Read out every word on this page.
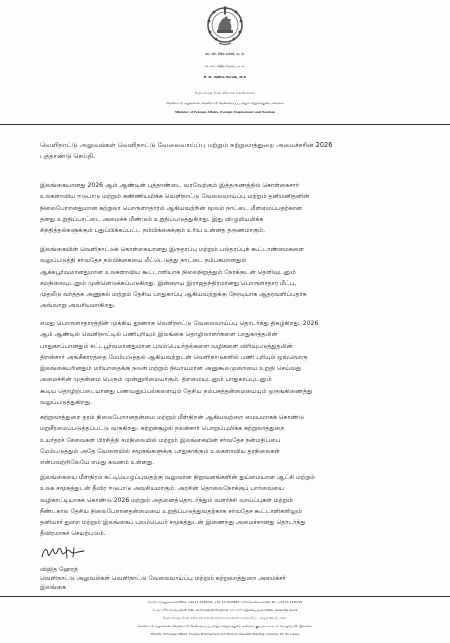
එච්. එම්. විජිත හේරත්, පා. ම.
எச். எம். விஜித ஹேரத், பா. உ.
H. M. Vijitha Herath, M.P.
විදේශ කටයුතු, විදේශ රැකියා සහ සංචාරක අමාත්‍ය
வெளிநாட்டு அலுவல்கள், வெளிநாட்டு வேலைவாய்ப்பு மற்றும் சுற்றுலாத்துறை அமைச்சர்
Minister of Foreign Affairs, Foreign Employment and Tourism
வெளிநாட்டு அலுவல்கள் வெளிநாட்டு வேலைவாய்ப்பு மற்றும் சுற்றுலாத்துறை அமைச்சரின் 2026
புத்தாண்டு செய்தி.
இலங்கையானது 2026 ஆம் ஆண்டின் புத்தாண்டை வரவேற்கும் இத்தருணத்தில் கொள்கைசார்
உலகளாவிய ஈடுபாடு மற்றும் கண்ணியமிக்க வெளிநாட்டு வேலைவாய்ப்பு மற்றும் தனிமனிதனின்
நிலைபேறானதுமான சுற்றுலா பொருளாதாரம் ஆகியவற்றின் மூலம் நாட்டை மீளமைப்பதற்கான
தனது உறுதிப்பாட்டை அமைச்சு மீண்டும் உறுதிப்படுத்துகிறது. இது விழுமியமிக்க
சிந்தித்தல்களுக்கும் புதுப்பிக்கப்பட்ட நம்பிக்கைக்கும் உரிய உன்னத தருணமாகும்.
இலங்கையின் வெளிநாட்டுக் கொள்கையானது இருதரப்பு மற்றும் பல்தரப்புக் கூட்டாண்மைகளை
வலுப்படுத்தி சர்வதேச நம்பிக்கையை மீட்டெடுத்து நாட்டை நம்பகமானதும்
ஆக்கபூர்வமானதுமான உலகளாவிய கூட்டாளியாக நிலைநிறுத்தும் நோக்குடன் தெளிவுடனும்
சமநிலையுடனும் முன்னெடுக்கப்படுகிறது. இன்றைய இராஜதந்திரமானது பொருளாதார மீட்பு,
முதலீடு வர்த்தக அணுகல் மற்றும் தேசிய பாதுகாப்பு ஆகியவற்றுக்கு நேரடியாக ஆதரவளிப்பதாக
அவ்வாறு அவசியமாகிறது.
எமது பொருளாதாரத்தின் முக்கிய தூணாக வெளிநாட்டு வேலைவாய்ப்பு தொடர்ந்து திகழ்கிறது. 2026
ஆம் ஆண்டில் வெளிநாட்டில் பணிபுரியும் இலங்கை தொழிலாளர்களை பாதுகாத்தலின்
பாதுகாப்பானதும் சட்டபூர்வமானதுமான புலம்பெயர்தல்களை வழிகளை விரிவுபடுத்துதலின்
திறன்சார் அங்கீகாரத்தை மேம்படுத்தல் ஆகியவற்றுடன் வெளிநாடுகளில் பணி புரியும் ஒவ்வொரு
இலங்கையரினதும் மரியாதைக்கு நலன் மற்றும் நியாயமான அனுகூலமுறையை உறுதி செய்வது
அமைச்சின் முதன்மை பெரும் முன்னுரிமையாகும். திறமையுடனும் பாதுகாப்புடனும்
கூடிய தொழிற்படையானது பணவனுப்பல்களையும் தேசிய நம்பகத்தன்மையையும் ஒருங்கிணைத்து
வலுப்படுத்துகிறது.
சுற்றுலாத்துறை தரம் நிலைபேறானதன்மை மற்றும் மீள்நிறன் ஆகியவற்றை மையமாகக் கொண்டு
மறுசீரமைப்படுத்தப்பட்டு வருகிறது. சுற்றுச்சூழல் நலன்சார் பொறுப்புமிக்க சுற்றுலாத்துறை
உயர்தரச் சேவைகள் பிரசித்தி சமநிலையில் மற்றும் இலங்கையின் சர்வதேச நன்மதிப்பை
மேம்படுத்தும் அதே வேளையில் சமூகங்களுக்கு பாதுகாக்கும் உலகளாவிய தரநிலைகள்
என்பவற்றிலேயே எமது கவனம் உள்ளது.
இலங்கையை மீளநிரம் கட்டியெழுப்புவதற்கு வலுவான நிறுவனங்களின் துய்மையான ஆட்சி மற்றும்
உலக சமூகத்துடன் தீவிர ஈடுபாடு அவசியமாகும். அரசின் தொலைநோக்குப் பார்வையை
வழிகாட்டியாகக் கொண்டு 2026 மற்றும் அதனைத்தொடர்ந்தும் வளர்ச்சி வாய்ப்புகள் மற்றும்
நீண்டகால தேசிய நிலைபேறானதன்மையை உறுதிப்படுத்துவதற்காக சர்வதேச கூட்டாளிகளிலும்
தனியார் துறை மற்றும் இலங்கைப் புலம்பெயர் சமூகத்துடன் இணைந்து அமைச்சானது தொடர்ந்து
தீவிரமாகச் செயற்படும்.
விஜித ஹேரத்
வெளிநாட்டு அலுவல்கள் வெளிநாட்டு வேலைவாய்ப்பு மற்றும் சுற்றுலாத்துறை அமைச்சர்
இலங்கை
කාර්යාලය/அலுவலகம்/Office: +94-11-2430221, +94-11-2445498 ෆැක්ස්/தொலைநகல்/Fax No: +94-11-2430222
ඊ-මේල් ලිපිනය/ஈமெயில்/E-mail: ps-foreign@mfa.gov.lk වෙබ් අඩවිය/இணையத்தளம்/Web: www.mfa.gov.lk
විදේශ කටයුතු, විදේශ රැකියා සහ සංචාරක අමාත්‍යාංශය, ජනරජ ගොඩනැගිල්ල, කොළඹ 01, ශ්‍රී ලංකාව.
வெளிநாட்டு அலுவல்கள், வெளிநாட்டு வேலைவாய்ப்பு மற்றும் சுற்றுலாத்துறை அமைச்சு, குடியரசு கட்டிடம், கொழும்பு 01, இலங்கை.
Ministry of Foreign Affairs, Foreign Employment and Tourism, Republic Building, Colombo 01, Sri Lanka.
